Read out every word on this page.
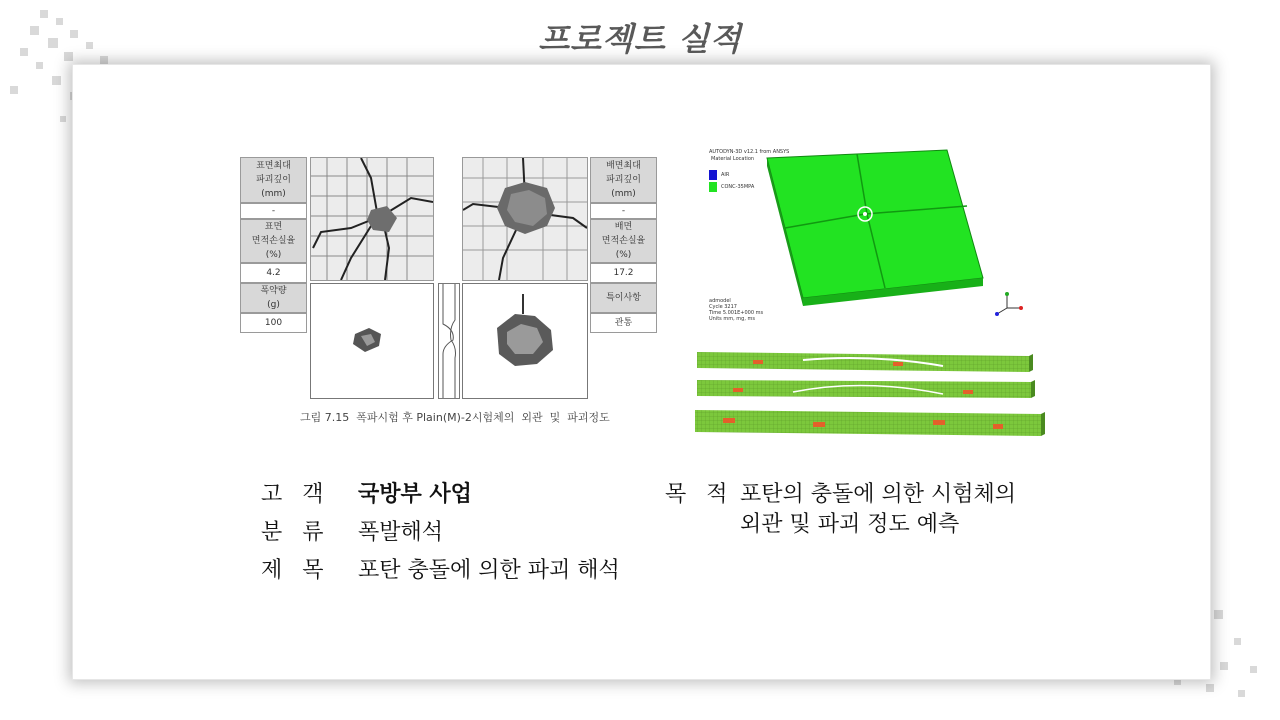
프로젝트 실적
표면최대
파괴깊이
(mm)
-
표면
면적손실율
(%)
4.2
폭약량
(g)
100
배면최대
파괴깊이
(mm)
-
배면
면적손실율
(%)
17.2
특이사항
관통
그림 7.15  폭파시험 후 Plain(M)-2시험체의  외관  및  파괴정도
AUTODYN-3D v12.1 from ANSYS
Material Location
AIR
CONC-35MPA
admodel
Cycle 3217
Time 5.001E+000 ms
Units mm, mg, ms
고  객 국방부 사업
분  류 폭발해석
제  목 포탄 충돌에 의한 파괴 해석
목  적 포탄의 충돌에 의한 시험체의
외관 및 파괴 정도 예측
